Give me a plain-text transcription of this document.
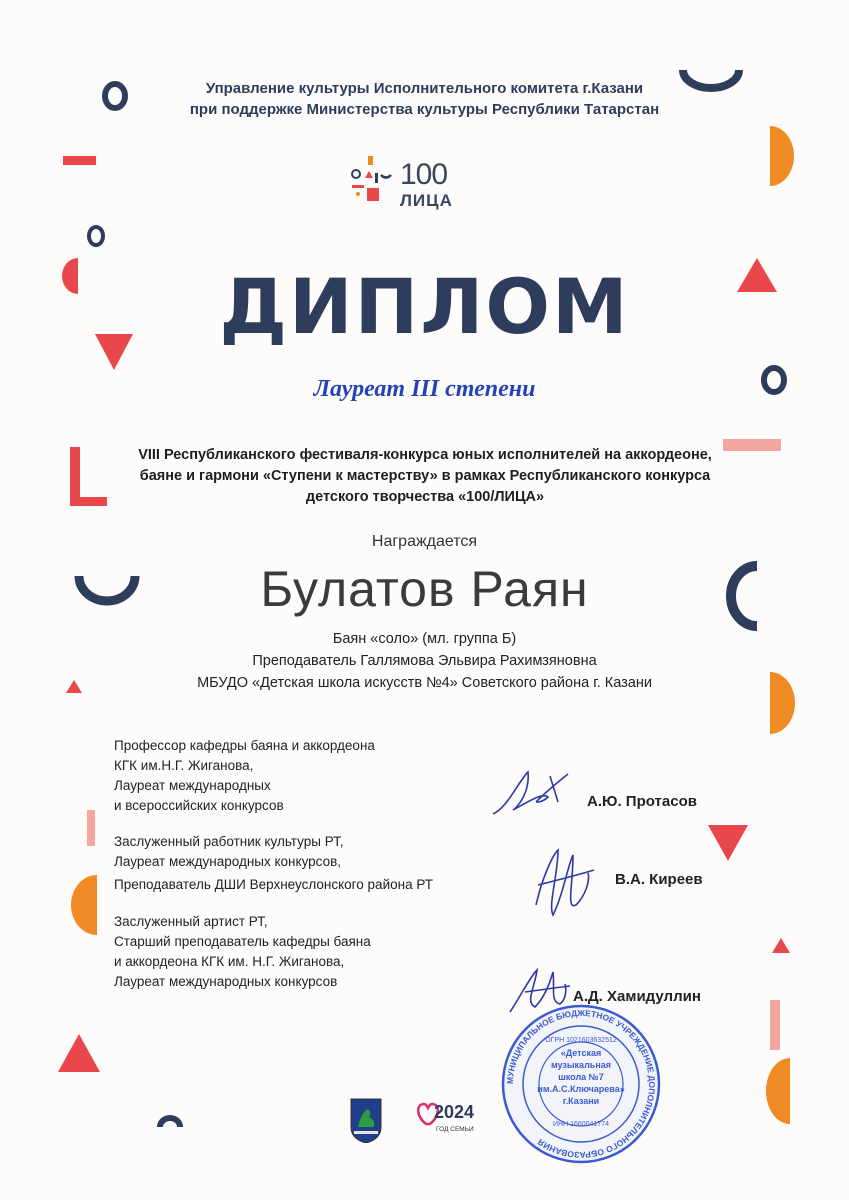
Управление культуры Исполнительного комитета г.Казани
при поддержке Министерства культуры Республики Татарстан
100
ЛИЦА
ДИПЛОМ
Лауреат III степени
VIII Республиканского фестиваля-конкурса юных исполнителей на аккордеоне,
баяне и гармони «Ступени к мастерству» в рамках Республиканского конкурса
детского творчества «100/ЛИЦА»
Награждается
Булатов Раян
Баян «соло» (мл. группа Б)
Преподаватель Галлямова Эльвира Рахимзяновна
МБУДО «Детская школа искусств №4» Советского района г. Казани
Профессор кафедры баяна и аккордеона
КГК им.Н.Г. Жиганова,
Лауреат международных
и всероссийских конкурсов	А.Ю. Протасов
Заслуженный работник культуры РТ,
Лауреат международных конкурсов,
Преподаватель ДШИ Верхнеуслонского района РТ	В.А. Киреев
Заслуженный артист РТ,
Старший преподаватель кафедры баяна
и аккордеона КГК им. Н.Г. Жиганова,
Лауреат международных конкурсов
А.Д. Хамидуллин
МУНИЦИПАЛЬНОЕ БЮДЖЕТНОЕ УЧРЕЖДЕНИЕ ДОПОЛНИТЕЛЬНОГО ОБРАЗОВАНИЯ
«Детская
музыкальная
школа №7
им.А.С.Ключарева»
г.Казани
ОГРН 1021603632512
ИНН 1660041774
2024
ГОД СЕМЬИ
